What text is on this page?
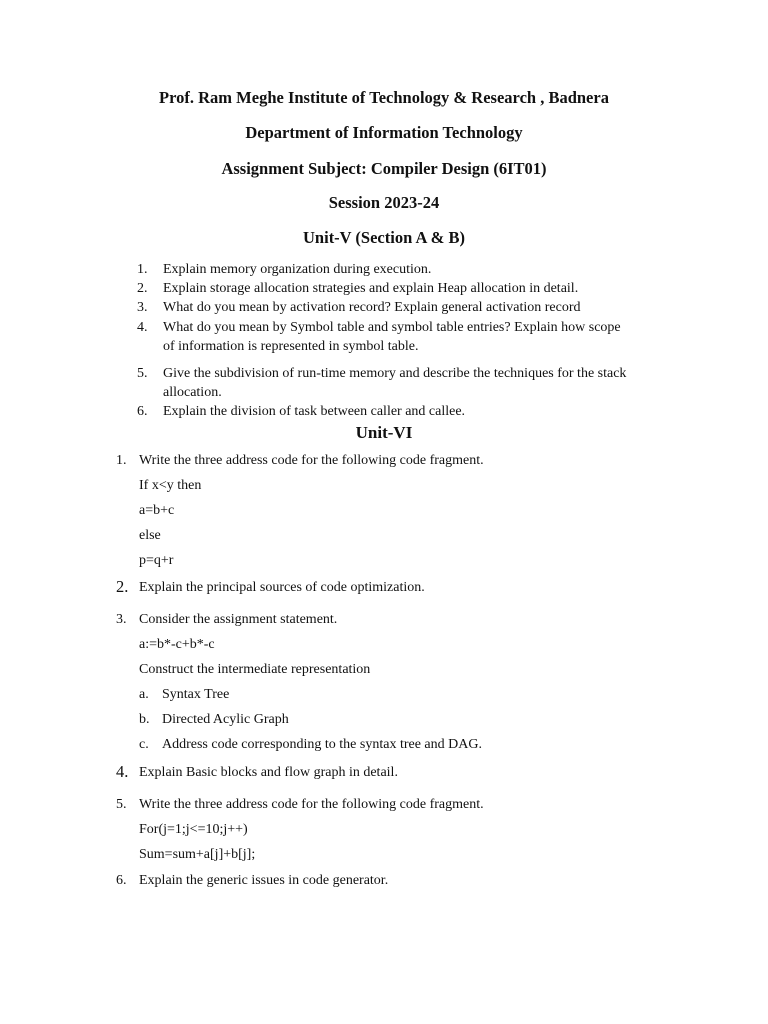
Prof. Ram Meghe Institute of Technology & Research , Badnera
Department of Information Technology
Assignment Subject: Compiler Design (6IT01)
Session 2023-24
Unit-V (Section A & B)
1. Explain memory organization during execution.
2. Explain storage allocation strategies and explain Heap allocation in detail.
3. What do you mean by activation record? Explain general activation record
4. What do you mean by Symbol table and symbol table entries? Explain how scope
of information is represented in symbol table.
5. Give the subdivision of run-time memory and describe the techniques for the stack
allocation.
6. Explain the division of task between caller and callee.
Unit-VI
1. Write the three address code for the following code fragment.
If x<y then
a=b+c
else
p=q+r
2. Explain the principal sources of code optimization.
3. Consider the assignment statement.
a:=b*-c+b*-c
Construct the intermediate representation
a. Syntax Tree
b. Directed Acylic Graph
c. Address code corresponding to the syntax tree and DAG.
4. Explain Basic blocks and flow graph in detail.
5. Write the three address code for the following code fragment.
For(j=1;j<=10;j++)
Sum=sum+a[j]+b[j];
6. Explain the generic issues in code generator.
